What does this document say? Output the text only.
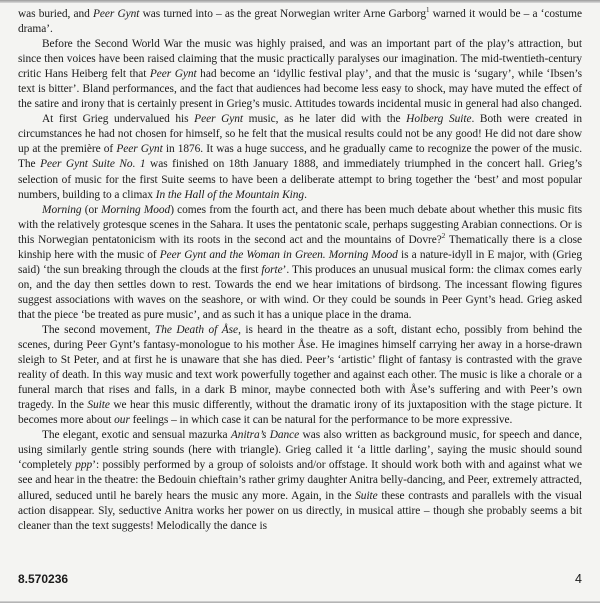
was buried, and Peer Gynt was turned into – as the great Norwegian writer Arne Garborg$^1$ warned it would be – a ‘costume drama’.

Before the Second World War the music was highly praised, and was an important part of the play’s attraction, but since then voices have been raised claiming that the music practically paralyses our imagination. The mid-twentieth-century critic Hans Heiberg felt that Peer Gynt had become an ‘idyllic festival play’, and that the music is ‘sugary’, while ‘Ibsen’s text is bitter’. Bland performances, and the fact that audiences had become less easy to shock, may have muted the effect of the satire and irony that is certainly present in Grieg’s music. Attitudes towards incidental music in general had also changed.

At first Grieg undervalued his Peer Gynt music, as he later did with the Holberg Suite. Both were created in circumstances he had not chosen for himself, so he felt that the musical results could not be any good! He did not dare show up at the première of Peer Gynt in 1876. It was a huge success, and he gradually came to recognize the power of the music. The Peer Gynt Suite No. 1 was finished on 18th January 1888, and immediately triumphed in the concert hall. Grieg’s selection of music for the first Suite seems to have been a deliberate attempt to bring together the ‘best’ and most popular numbers, building to a climax In the Hall of the Mountain King.

Morning (or Morning Mood) comes from the fourth act, and there has been much debate about whether this music fits with the relatively grotesque scenes in the Sahara. It uses the pentatonic scale, perhaps suggesting Arabian connections. Or is this Norwegian pentatonicism with its roots in the second act and the mountains of Dovre?$^2$ Thematically there is a close kinship here with the music of Peer Gynt and the Woman in Green. Morning Mood is a nature-idyll in E major, with (Grieg said) ‘the sun breaking through the clouds at the first forte’. This produces an unusual musical form: the climax comes early on, and the day then settles down to rest. Towards the end we hear imitations of birdsong. The incessant flowing figures suggest associations with waves on the seashore, or with wind. Or they could be sounds in Peer Gynt’s head. Grieg asked that the piece ‘be treated as pure music’, and as such it has a unique place in the drama.

The second movement, The Death of Åse, is heard in the theatre as a soft, distant echo, possibly from behind the scenes, during Peer Gynt’s fantasy-monologue to his mother Åse. He imagines himself carrying her away in a horse-drawn sleigh to St Peter, and at first he is unaware that she has died. Peer’s ‘artistic’ flight of fantasy is contrasted with the grave reality of death. In this way music and text work powerfully together and against each other. The music is like a chorale or a funeral march that rises and falls, in a dark B minor, maybe connected both with Åse’s suffering and with Peer’s own tragedy. In the Suite we hear this music differently, without the dramatic irony of its juxtaposition with the stage picture. It becomes more about our feelings – in which case it can be natural for the performance to be more expressive.

The elegant, exotic and sensual mazurka Anitra’s Dance was also written as background music, for speech and dance, using similarly gentle string sounds (here with triangle). Grieg called it ‘a little darling’, saying the music should sound ‘completely ppp’: possibly performed by a group of soloists and/or offstage. It should work both with and against what we see and hear in the theatre: the Bedouin chieftain’s rather grimy daughter Anitra belly-dancing, and Peer, extremely attracted, allured, seduced until he barely hears the music any more. Again, in the Suite these contrasts and parallels with the visual action disappear. Sly, seductive Anitra works her power on us directly, in musical attire – though she probably seems a bit cleaner than the text suggests! Melodically the dance is

8.570236	4
